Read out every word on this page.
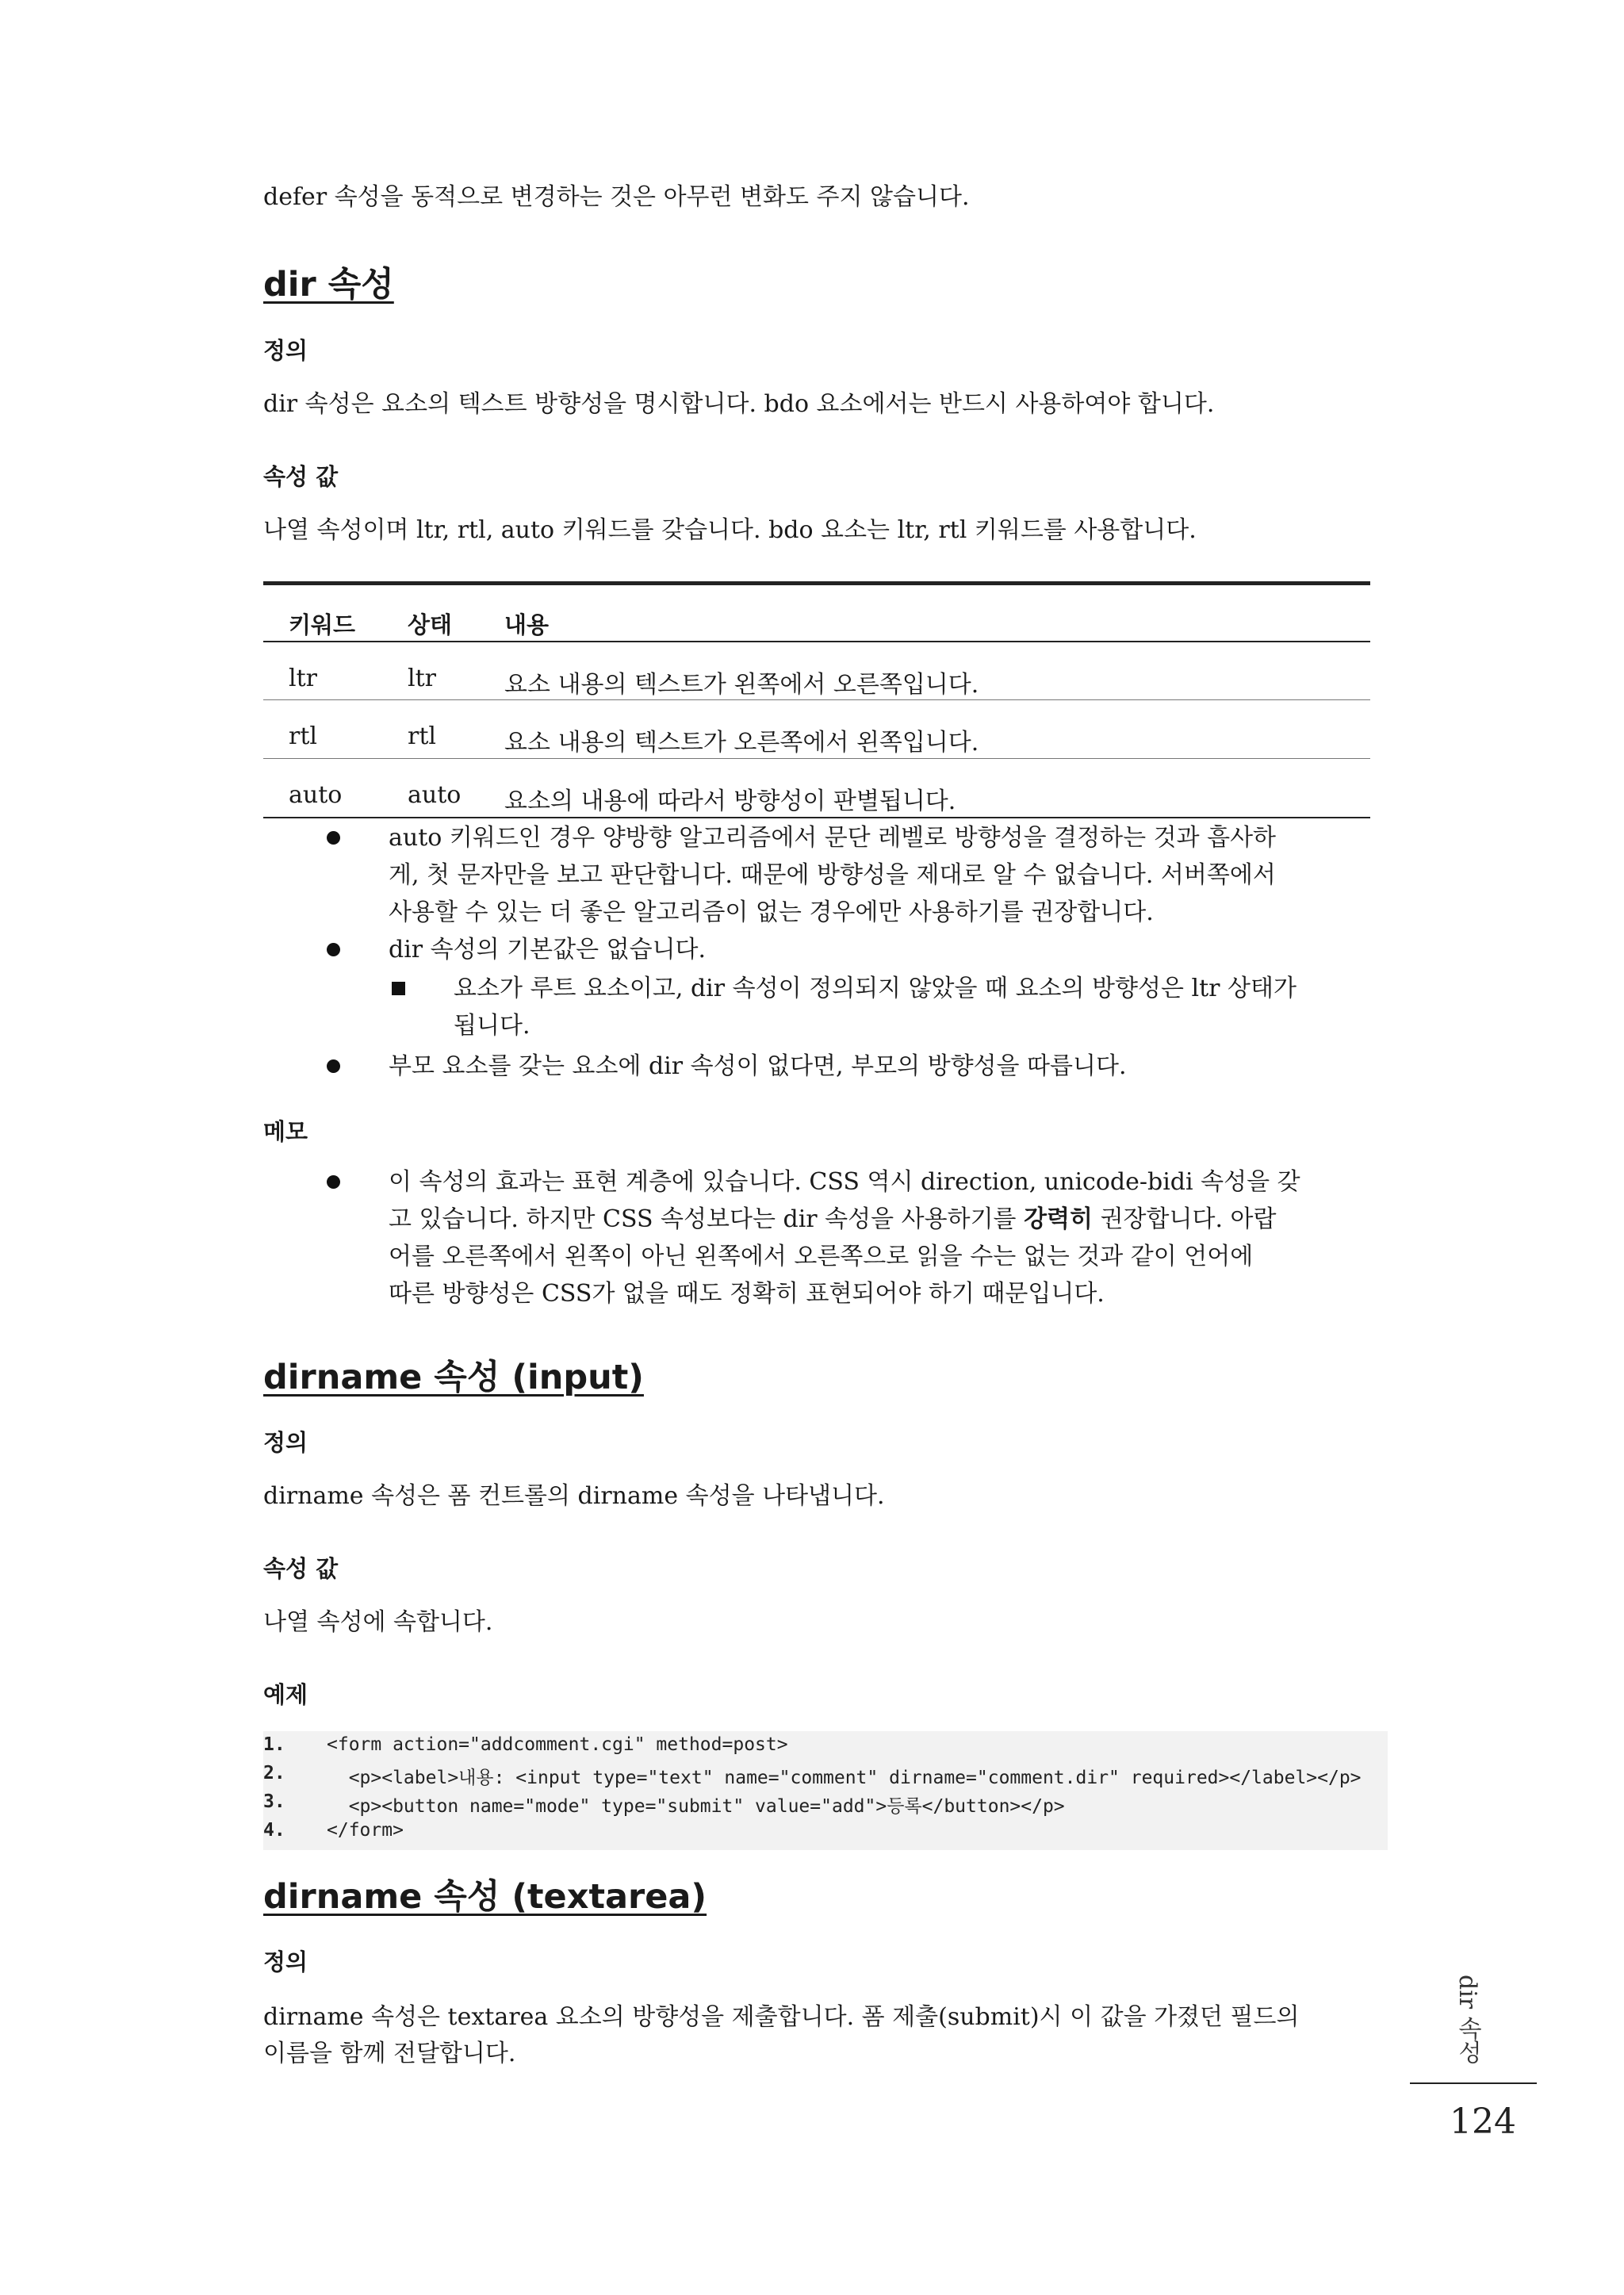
defer 속성을 동적으로 변경하는 것은 아무런 변화도 주지 않습니다.
dir 속성
정의
dir 속성은 요소의 텍스트 방향성을 명시합니다. bdo 요소에서는 반드시 사용하여야 합니다.
속성 값
나열 속성이며 ltr, rtl, auto 키워드를 갖습니다. bdo 요소는 ltr, rtl 키워드를 사용합니다.
키워드 상태 내용
ltr	ltr	요소 내용의 텍스트가 왼쪽에서 오른쪽입니다.
rtl	rtl	요소 내용의 텍스트가 오른쪽에서 왼쪽입니다.
auto	auto 요소의 내용에 따라서 방향성이 판별됩니다.
auto 키워드인 경우 양방향 알고리즘에서 문단 레벨로 방향성을 결정하는 것과 흡사하
게, 첫 문자만을 보고 판단합니다. 때문에 방향성을 제대로 알 수 없습니다. 서버쪽에서
사용할 수 있는 더 좋은 알고리즘이 없는 경우에만 사용하기를 권장합니다.
dir 속성의 기본값은 없습니다.
요소가 루트 요소이고, dir 속성이 정의되지 않았을 때 요소의 방향성은 ltr 상태가
됩니다.
부모 요소를 갖는 요소에 dir 속성이 없다면, 부모의 방향성을 따릅니다.
메모
이 속성의 효과는 표현 계층에 있습니다. CSS 역시 direction, unicode-bidi 속성을 갖
고 있습니다. 하지만 CSS 속성보다는 dir 속성을 사용하기를 강력히 권장합니다. 아랍
어를 오른쪽에서 왼쪽이 아닌 왼쪽에서 오른쪽으로 읽을 수는 없는 것과 같이 언어에
따른 방향성은 CSS가 없을 때도 정확히 표현되어야 하기 때문입니다.
dirname 속성 (input)
정의
dirname 속성은 폼 컨트롤의 dirname 속성을 나타냅니다.
속성 값
나열 속성에 속합니다.
예제
1. <form action="addcomment.cgi" method=post>
2. <p><label>내용: <input type="text" name="comment" dirname="comment.dir" required></label></p>
3. <p><button name="mode" type="submit" value="add">등록</button></p>
4. </form>
dirname 속성 (textarea)
정의
dirname 속성은 textarea 요소의 방향성을 제출합니다. 폼 제출(submit)시 이 값을 가졌던 필드의
이름을 함께 전달합니다.	dir 속성
124
